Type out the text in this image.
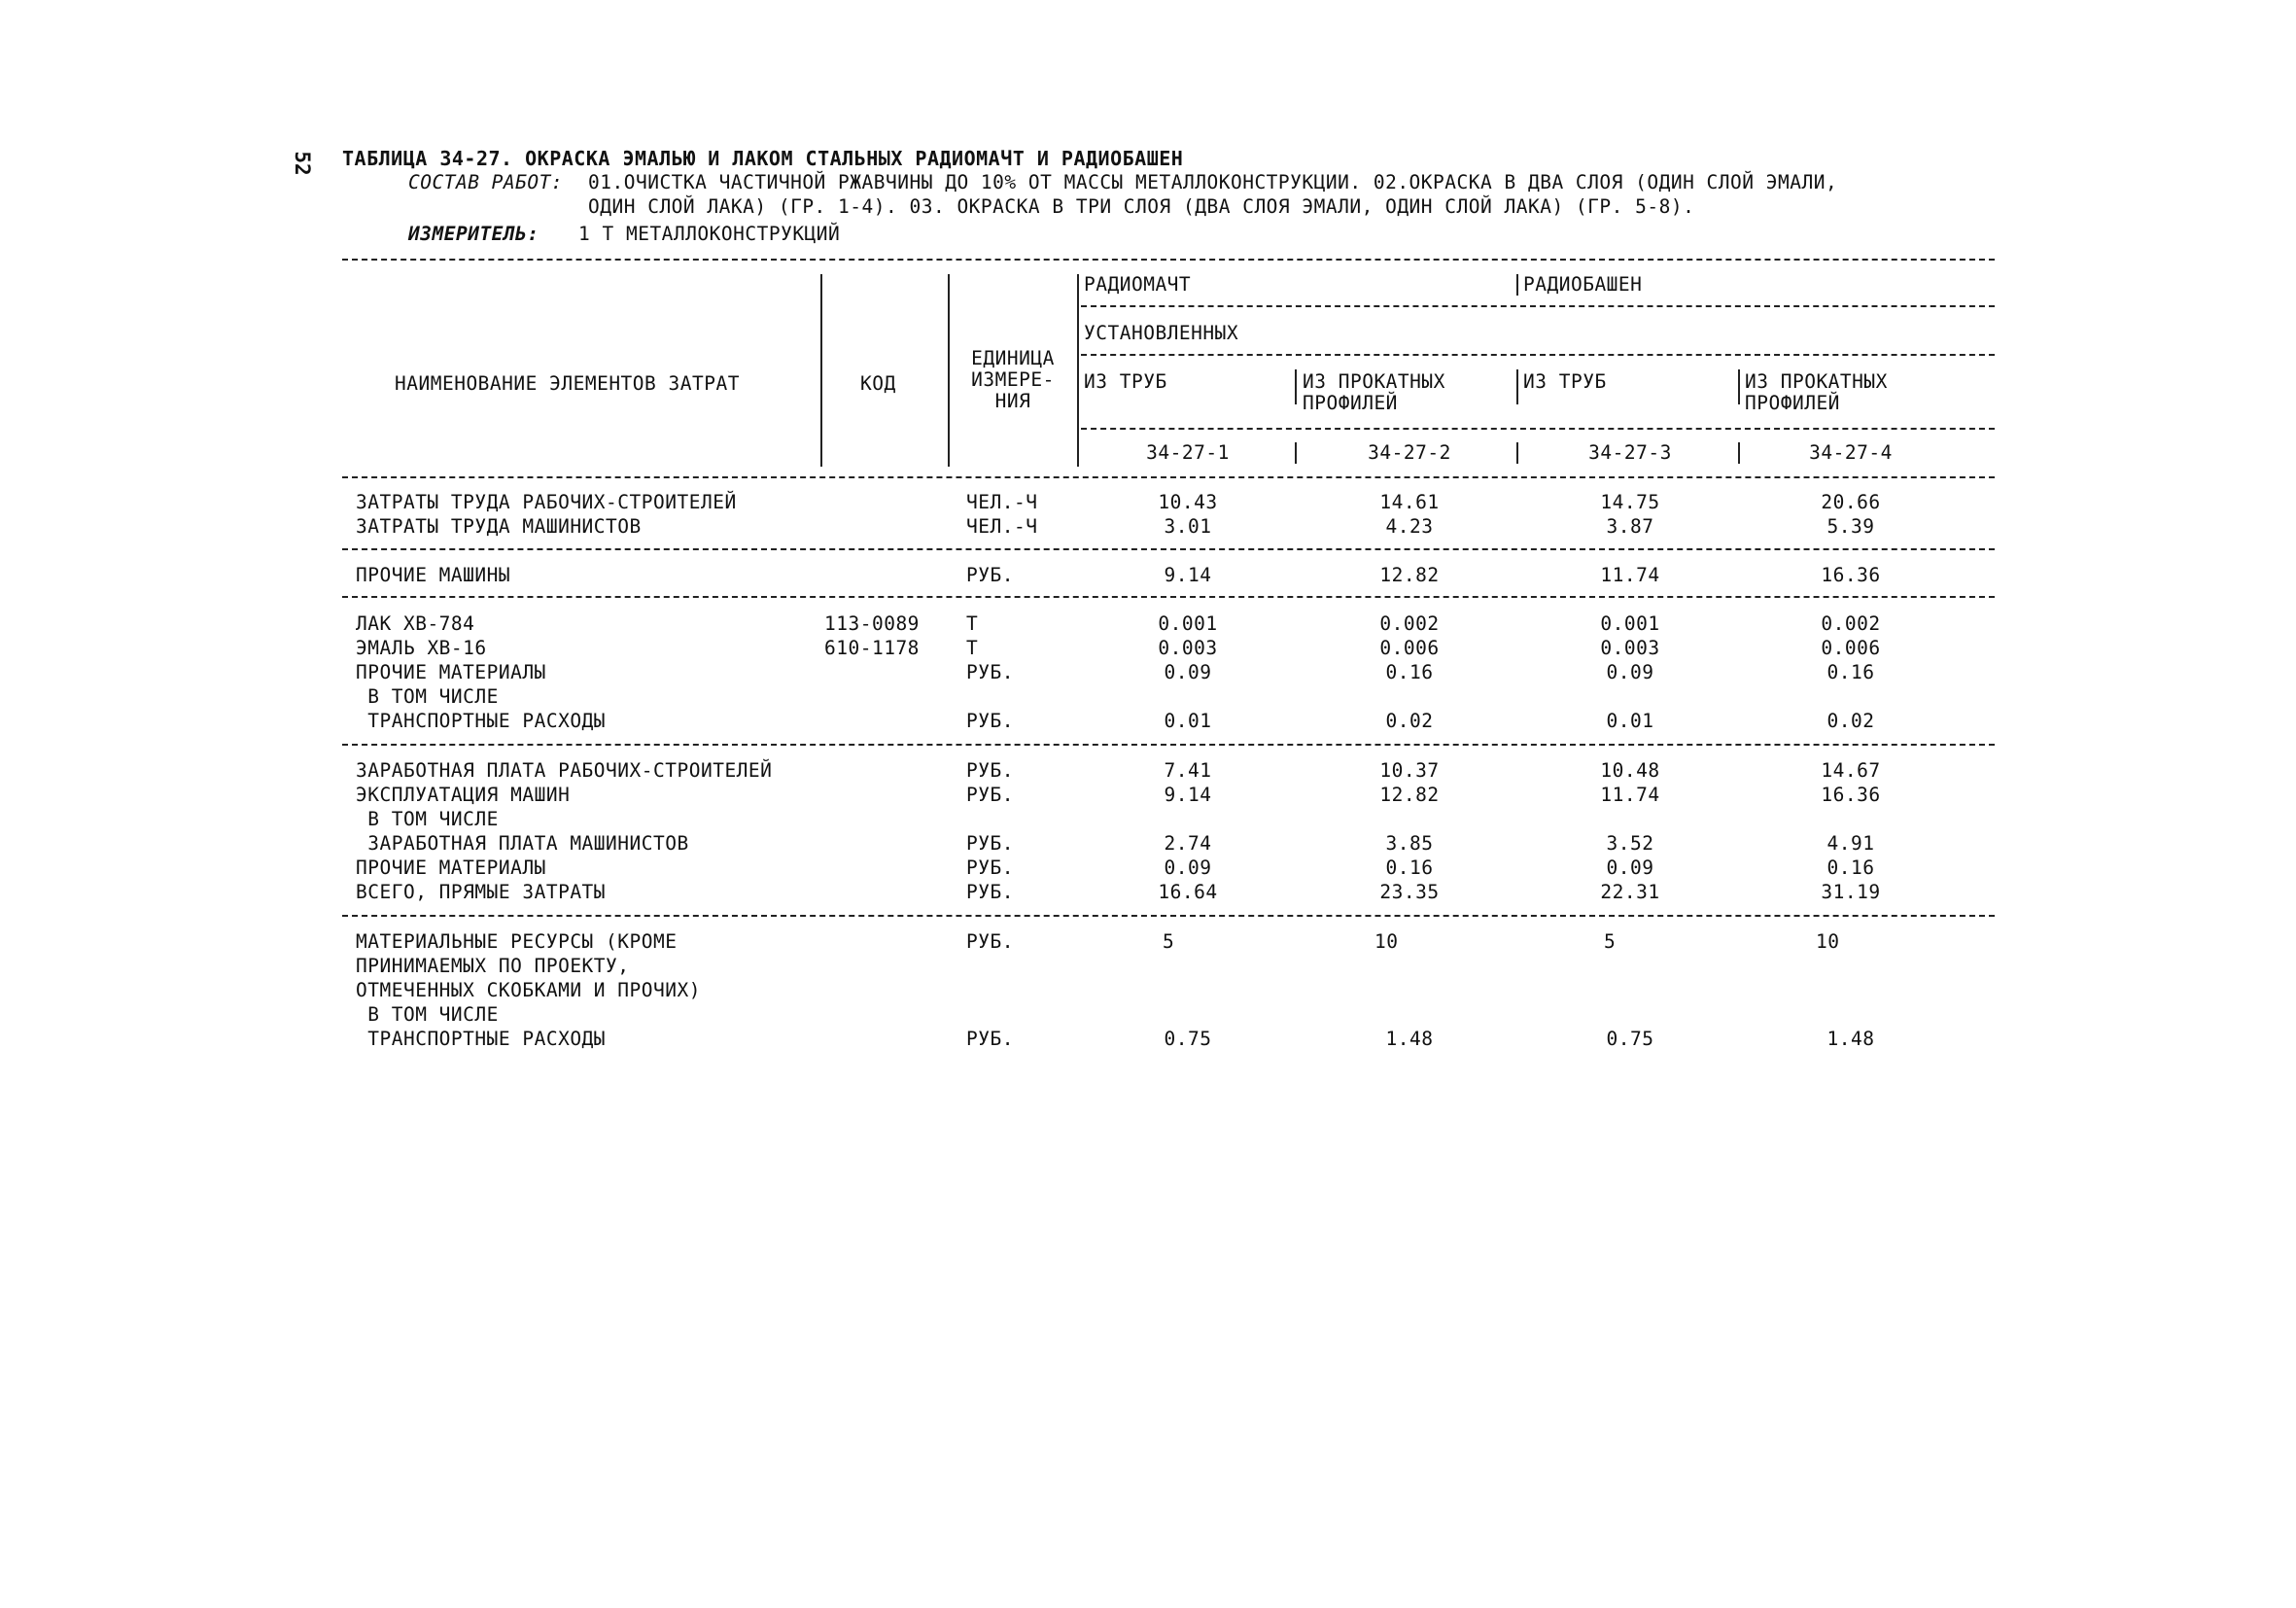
52 ТАБЛИЦА 34-27. ОКРАСКА ЭМАЛЬЮ И ЛАКОМ СТАЛЬНЫХ РАДИОМАЧТ И РАДИОБАШЕН
СОСТАВ РАБОТ: 01.ОЧИСТКА ЧАСТИЧНОЙ РЖАВЧИНЫ ДО 10% ОТ МАССЫ МЕТАЛЛОКОНСТРУКЦИИ. 02.ОКРАСКА В ДВА СЛОЯ (ОДИН СЛОЙ ЭМАЛИ,
ОДИН СЛОЙ ЛАКА) (ГР. 1-4). 03. ОКРАСКА В ТРИ СЛОЯ (ДВА СЛОЯ ЭМАЛИ, ОДИН СЛОЙ ЛАКА) (ГР. 5-8).
ИЗМЕРИТЕЛЬ: 1 Т МЕТАЛЛОКОНСТРУКЦИЙ
НАИМЕНОВАНИЕ ЭЛЕМЕНТОВ ЗАТРАТ	КОД
ЕДИНИЦА
ИЗМЕРЕ-
НИЯ
РАДИОМАЧТ	РАДИОБАШЕН
УСТАНОВЛЕННЫХ
ИЗ ТРУБ	ИЗ ПРОКАТНЫХ
ПРОФИЛЕЙ
ИЗ ТРУБ	ИЗ ПРОКАТНЫХ
ПРОФИЛЕЙ
34-27-1	34-27-2	34-27-3	34-27-4
ЗАТРАТЫ ТРУДА РАБОЧИХ-СТРОИТЕЛЕЙ	ЧЕЛ.-Ч	10.43	14.61	14.75	20.66
ЗАТРАТЫ ТРУДА МАШИНИСТОВ	ЧЕЛ.-Ч	3.01	4.23	3.87	5.39
ПРОЧИЕ МАШИНЫ	РУБ.	9.14	12.82	11.74	16.36
ЛАК ХВ-784	113-0089 Т	0.001	0.002	0.001	0.002
ЭМАЛЬ ХВ-16	610-1178 Т	0.003	0.006	0.003	0.006
ПРОЧИЕ МАТЕРИАЛЫ	РУБ.	0.09	0.16	0.09	0.16
В ТОМ ЧИСЛЕ
ТРАНСПОРТНЫЕ РАСХОДЫ	РУБ.	0.01	0.02	0.01	0.02
ЗАРАБОТНАЯ ПЛАТА РАБОЧИХ-СТРОИТЕЛЕЙ	РУБ.	7.41	10.37	10.48	14.67
ЭКСПЛУАТАЦИЯ МАШИН	РУБ.	9.14	12.82	11.74	16.36
В ТОМ ЧИСЛЕ
ЗАРАБОТНАЯ ПЛАТА МАШИНИСТОВ	РУБ.	2.74	3.85	3.52	4.91
ПРОЧИЕ МАТЕРИАЛЫ	РУБ.	0.09	0.16	0.09	0.16
ВСЕГО, ПРЯМЫЕ ЗАТРАТЫ	РУБ.	16.64	23.35	22.31	31.19
МАТЕРИАЛЬНЫЕ РЕСУРСЫ (КРОМЕ	РУБ.	5	10	5	10
ПРИНИМАЕМЫХ ПО ПРОЕКТУ,
ОТМЕЧЕННЫХ СКОБКАМИ И ПРОЧИХ)
В ТОМ ЧИСЛЕ
ТРАНСПОРТНЫЕ РАСХОДЫ	РУБ.	0.75	1.48	0.75	1.48
